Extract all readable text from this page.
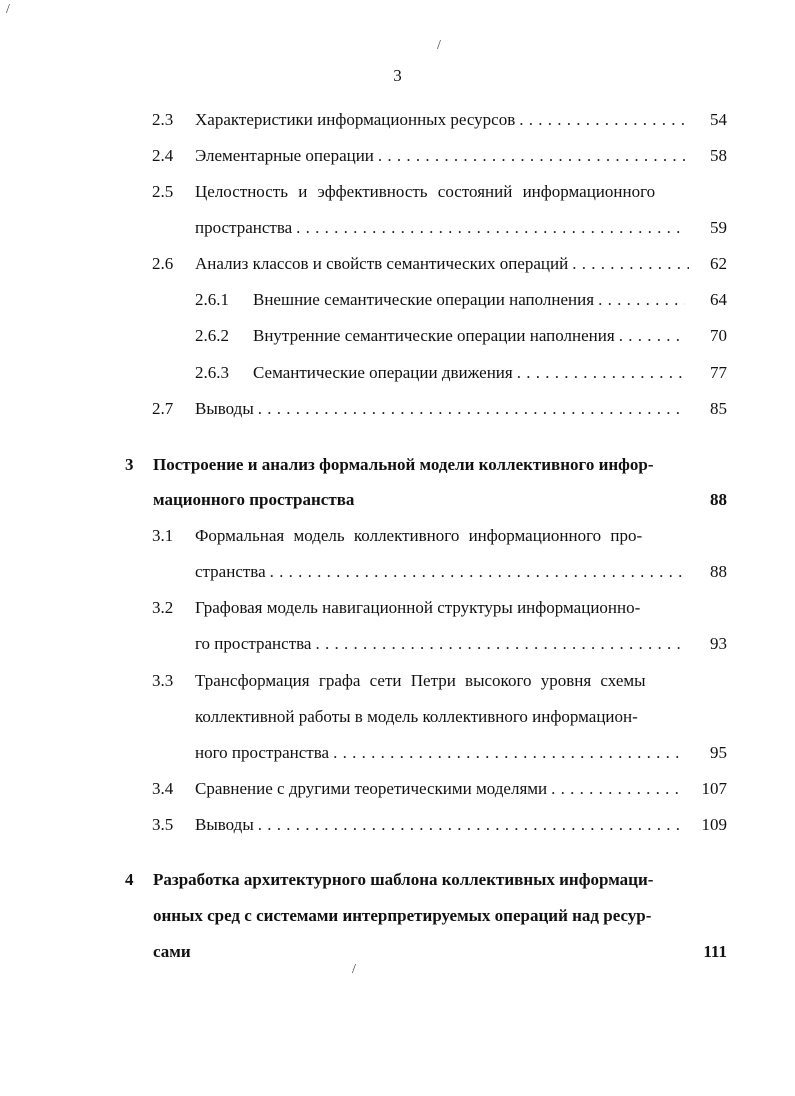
/
/
/
3
2.3 Характеристики информационных ресурсов . . .	54
2.4 Элементарные операции . . .	58
2.5 Целостность и эффективность состояний информационного
пространства . . .	59
2.6 Анализ классов и свойств семантических операций . . .	62
2.6.1 Внешние семантические операции наполнения . . .	64
2.6.2 Внутренние семантические операции наполнения . . .	70
2.6.3 Семантические операции движения . . .	77
2.7 Выводы . . .	85
3 Построение и анализ формальной модели коллективного инфор-
мационного пространства	88
3.1 Формальная модель коллективного информационного про-
странства . . .	88
3.2 Графовая модель навигационной структуры информационно-
го пространства . . .	93
3.3 Трансформация графа сети Петри высокого уровня схемы
коллективной работы в модель коллективного информацион-
ного пространства . . .	95
3.4 Сравнение с другими теоретическими моделями . . .	107
3.5 Выводы . . .	109
4 Разработка архитектурного шаблона коллективных информаци-
онных сред с системами интерпретируемых операций над ресур-
сами	111
